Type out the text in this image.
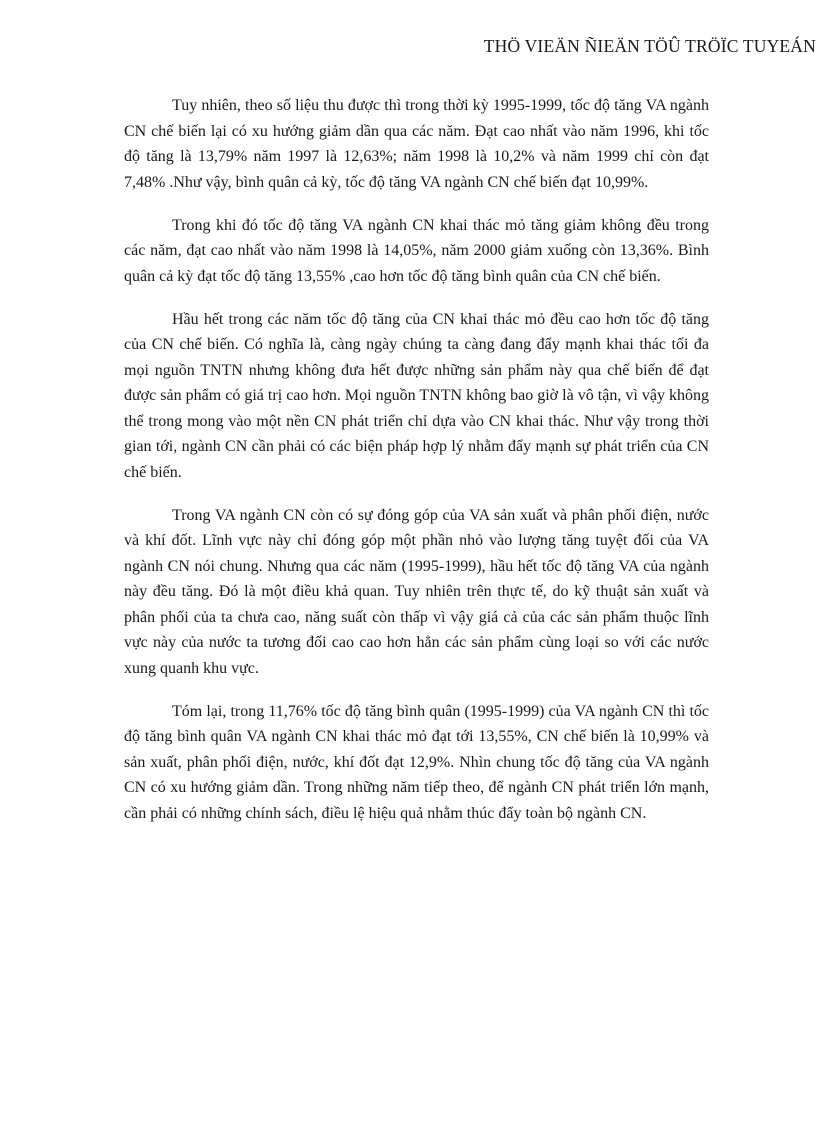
THÖ VIEÄN ÑIEÄN TÖÛ TRÖÏC TUYEÁN

Tuy nhiên, theo số liệu thu được thì trong thời kỳ 1995-1999, tốc độ tăng VA ngành CN chế biến lại có xu hướng giảm dần qua các năm. Đạt cao nhất vào năm 1996, khi tốc độ tăng là 13,79% năm 1997 là 12,63%; năm 1998 là 10,2% và năm 1999 chỉ còn đạt 7,48% .Như vậy, bình quân cả kỳ, tốc độ tăng VA ngành CN chế biến đạt 10,99%.

Trong khi đó tốc độ tăng VA ngành CN khai thác mỏ tăng giảm không đều trong các năm, đạt cao nhất vào năm 1998 là 14,05%, năm 2000 giảm xuống còn 13,36%. Bình quân cả kỳ đạt tốc độ tăng 13,55% ,cao hơn tốc độ tăng bình quân của CN chế biến.

Hầu hết trong các năm tốc độ tăng của CN khai thác mỏ đều cao hơn tốc độ tăng của CN chế biến. Có nghĩa là, càng ngày chúng ta càng đang đẩy mạnh khai thác tối đa mọi nguồn TNTN nhưng không đưa hết được những sản phẩm này qua chế biến để đạt được sản phẩm có giá trị cao hơn. Mọi nguồn TNTN không bao giờ là vô tận, vì vậy không thể trong mong vào một nền CN phát triển chỉ dựa vào CN khai thác. Như vậy trong thời gian tới, ngành CN cần phải có các biện pháp hợp lý nhằm đẩy mạnh sự phát triển của CN chế biến.

Trong VA ngành CN còn có sự đóng góp của VA sản xuất và phân phối điện, nước và khí đốt. Lĩnh vực này chỉ đóng góp một phần nhỏ vào lượng tăng tuyệt đối của VA ngành CN nói chung. Nhưng qua các năm (1995-1999), hầu hết tốc độ tăng VA của ngành này đều tăng. Đó là một điều khả quan. Tuy nhiên trên thực tế, do kỹ thuật sản xuất và phân phối của ta chưa cao, năng suất còn thấp vì vậy giá cả của các sản phẩm thuộc lĩnh vực này của nước ta tương đối cao cao hơn hẳn các sản phẩm cùng loại so với các nước xung quanh khu vực.

Tóm lại, trong 11,76% tốc độ tăng bình quân (1995-1999) của VA ngành CN thì tốc độ tăng bình quân VA ngành CN khai thác mỏ đạt tới 13,55%, CN chế biến là 10,99% và sản xuất, phân phối điện, nước, khí đốt đạt 12,9%. Nhìn chung tốc độ tăng của VA ngành CN có xu hướng giảm dần. Trong những năm tiếp theo, để ngành CN phát triển lớn mạnh, cần phải có những chính sách, điều lệ hiệu quả nhằm thúc đẩy toàn bộ ngành CN.
